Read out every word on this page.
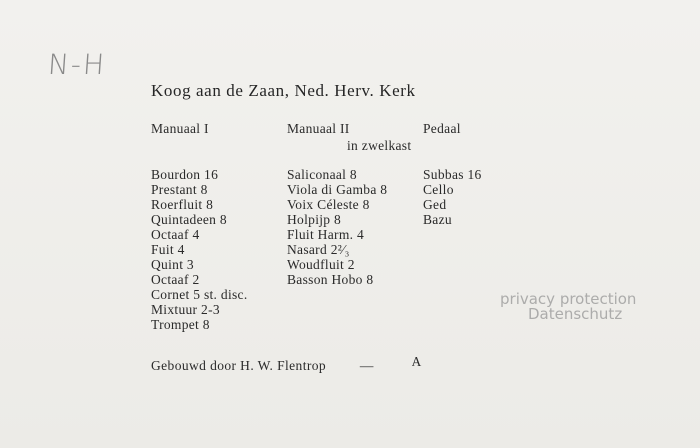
N-H
Koog aan de Zaan, Ned. Herv. Kerk
Manuaal I
Bourdon 16
Prestant 8
Roerfluit 8
Quintadeen 8
Octaaf 4
Fuit 4
Quint 3
Octaaf 2
Cornet 5 st. disc.
Mixtuur 2-3
Trompet 8
Manuaal II
in zwelkast
Saliconaal 8
Viola di Gamba 8
Voix Céleste 8
Holpijp 8
Fluit Harm. 4
Nasard 2²⁄₃
Woudfluit 2
Basson Hobo 8
Pedaal
Subbas 16
Cello
Ged
Bazu
Gebouwd door H. W. Flentrop	—	A
privacy protection
Datenschutz
